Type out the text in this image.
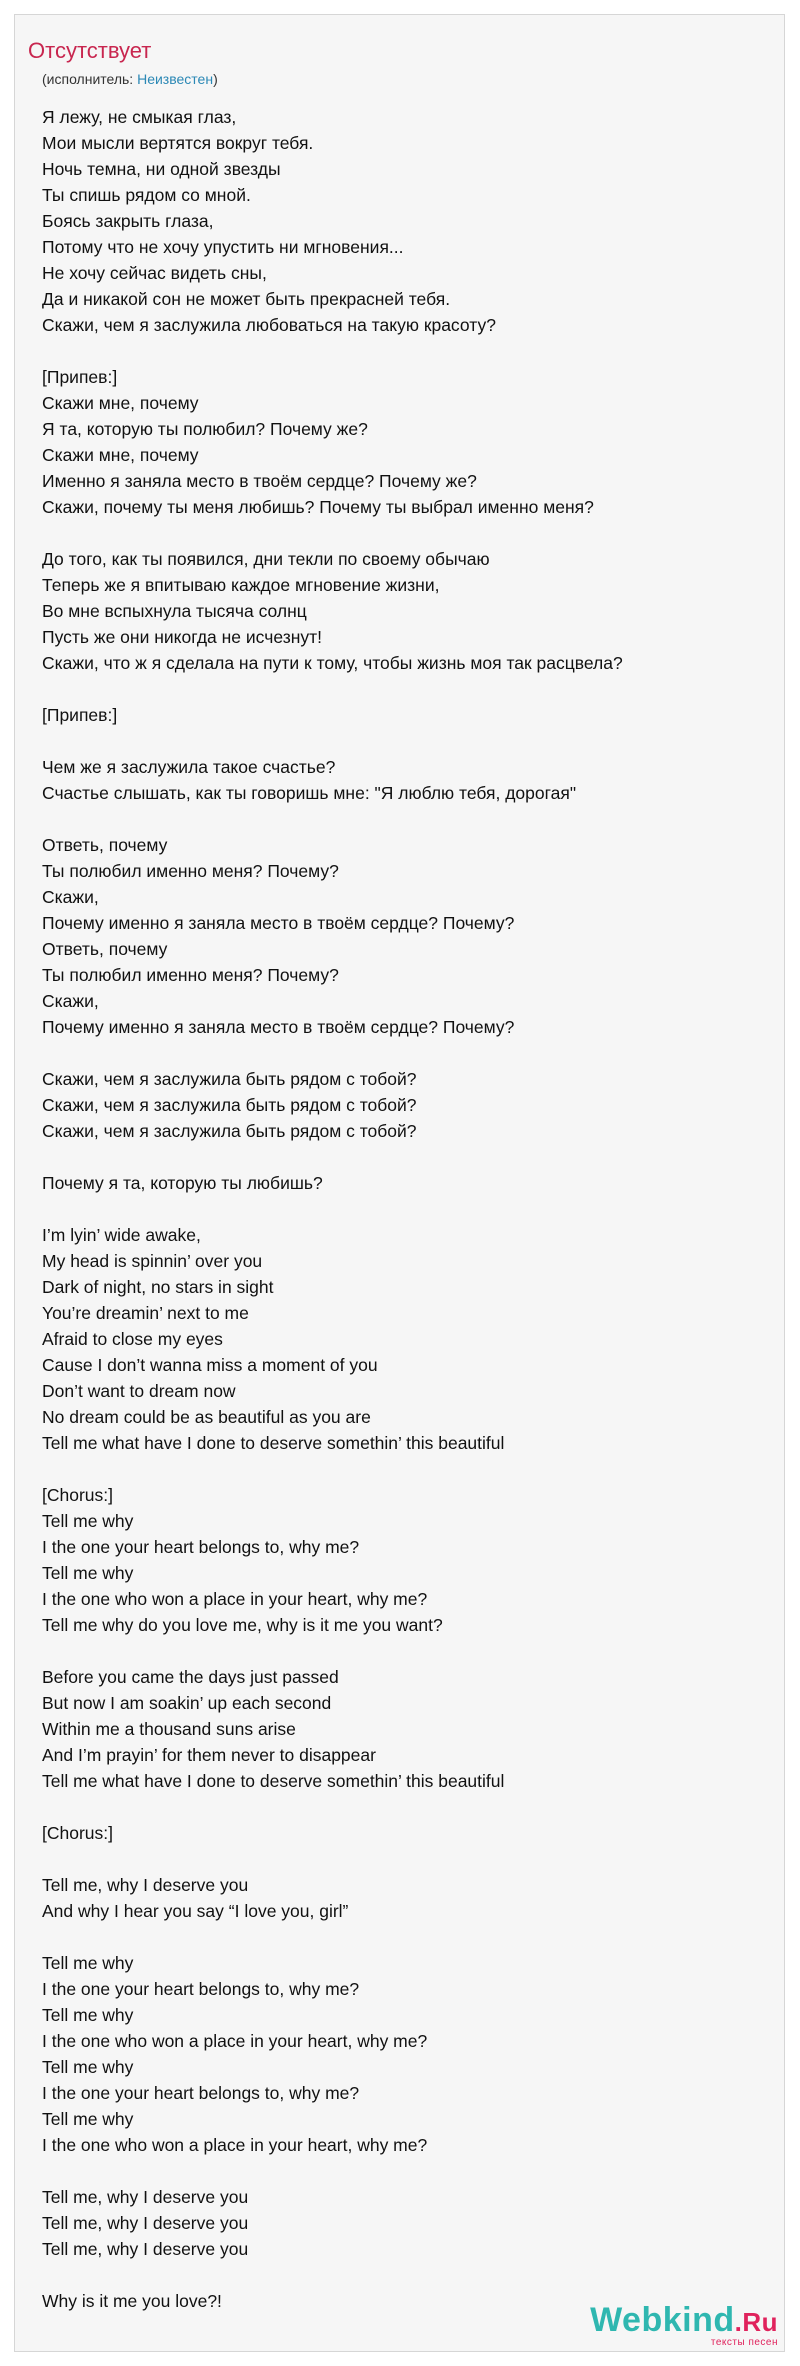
Отсутствует
(исполнитель: Неизвестен)
Я лежу, не смыкая глаз,
Мои мысли вертятся вокруг тебя.
Ночь темна, ни одной звезды
Ты спишь рядом со мной.
Боясь закрыть глаза,
Потому что не хочу упустить ни мгновения...
Не хочу сейчас видеть сны,
Да и никакой сон не может быть прекрасней тебя.
Скажи, чем я заслужила любоваться на такую красоту?
[Припев:]
Скажи мне, почему
Я та, которую ты полюбил? Почему же?
Скажи мне, почему
Именно я заняла место в твоём сердце? Почему же?
Скажи, почему ты меня любишь? Почему ты выбрал именно меня?
До того, как ты появился, дни текли по своему обычаю
Теперь же я впитываю каждое мгновение жизни,
Во мне вспыхнула тысяча солнц
Пусть же они никогда не исчезнут!
Скажи, что ж я сделала на пути к тому, чтобы жизнь моя так расцвела?
[Припев:]
Чем же я заслужила такое счастье?
Счастье слышать, как ты говоришь мне: "Я люблю тебя, дорогая"
Ответь, почему
Ты полюбил именно меня? Почему?
Скажи,
Почему именно я заняла место в твоём сердце? Почему?
Ответь, почему
Ты полюбил именно меня? Почему?
Скажи,
Почему именно я заняла место в твоём сердце? Почему?
Скажи, чем я заслужила быть рядом с тобой?
Скажи, чем я заслужила быть рядом с тобой?
Скажи, чем я заслужила быть рядом с тобой?
Почему я та, которую ты любишь?
I’m lyin’ wide awake,
My head is spinnin’ over you
Dark of night, no stars in sight
You’re dreamin’ next to me
Afraid to close my eyes
Cause I don’t wanna miss a moment of you
Don’t want to dream now
No dream could be as beautiful as you are
Tell me what have I done to deserve somethin’ this beautiful
[Chorus:]
Tell me why
I the one your heart belongs to, why me?
Tell me why
I the one who won a place in your heart, why me?
Tell me why do you love me, why is it me you want?
Before you came the days just passed
But now I am soakin’ up each second
Within me a thousand suns arise
And I’m prayin’ for them never to disappear
Tell me what have I done to deserve somethin’ this beautiful
[Chorus:]
Tell me, why I deserve you
And why I hear you say “I love you, girl”
Tell me why
I the one your heart belongs to, why me?
Tell me why
I the one who won a place in your heart, why me?
Tell me why
I the one your heart belongs to, why me?
Tell me why
I the one who won a place in your heart, why me?
Tell me, why I deserve you
Tell me, why I deserve you
Tell me, why I deserve you
Why is it me you love?!	Webkind.Ru
тексты песен
